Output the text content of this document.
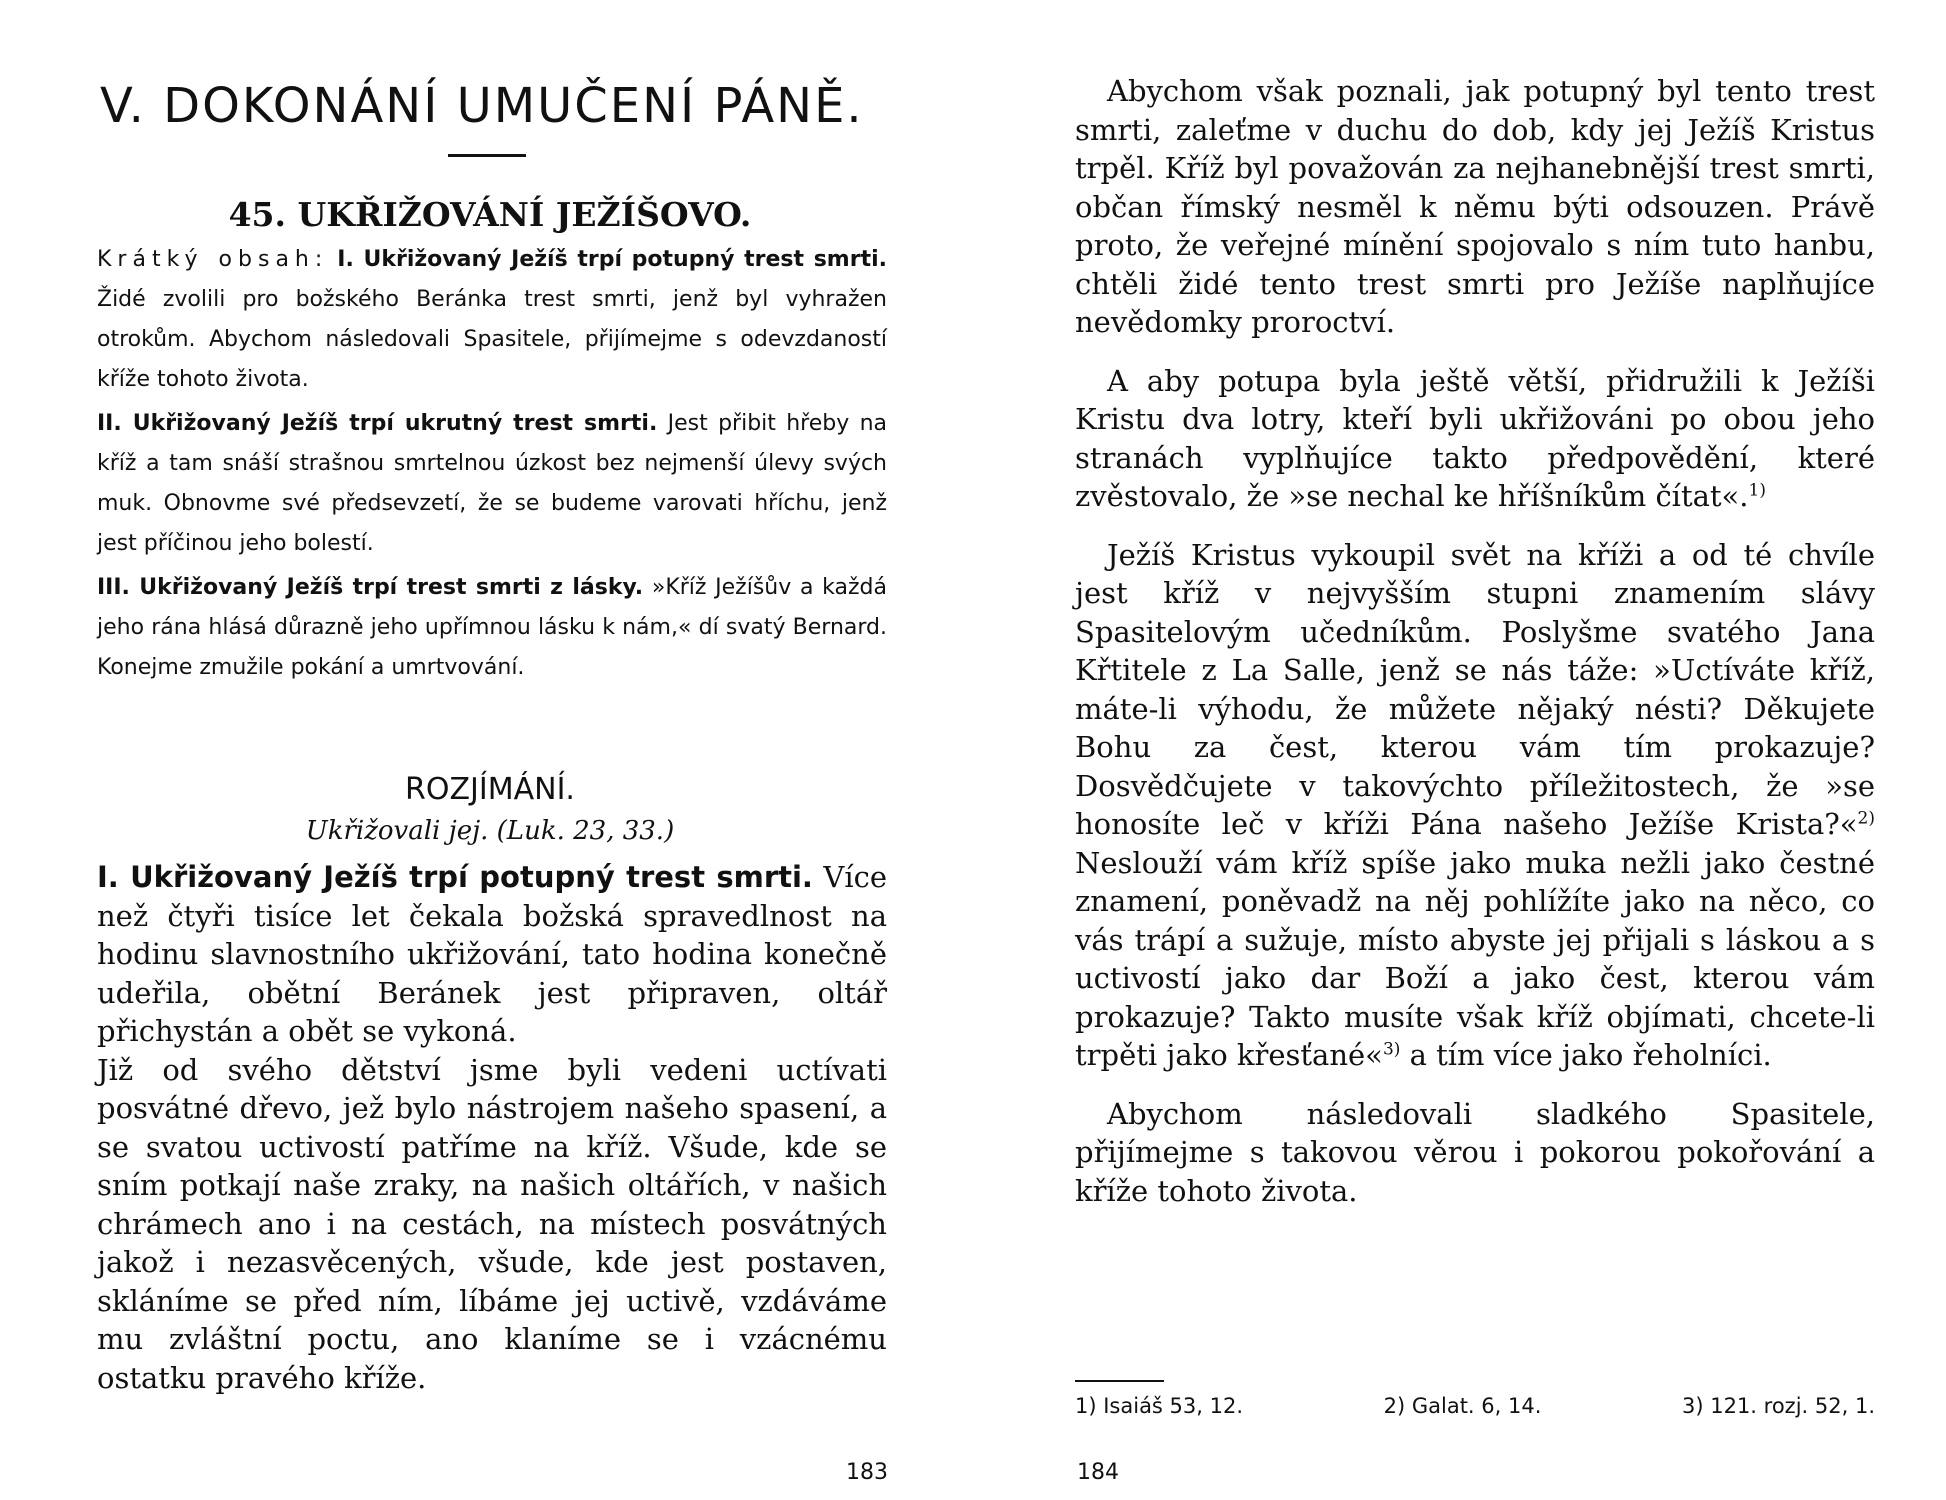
V. DOKONÁNÍ UMUČENÍ PÁNĚ.
45. UKŘIŽOVÁNÍ JEŽÍŠOVO.

Krátký obsah: I. Ukřižovaný Ježíš trpí potupný trest smrti. Židé zvolili pro božského Beránka trest smrti, jenž byl vyhražen otrokům. Abychom následovali Spasitele, přijímejme s odevzdaností kříže tohoto života.

II. Ukřižovaný Ježíš trpí ukrutný trest smrti. Jest přibit hřeby na kříž a tam snáší strašnou smrtelnou úzkost bez nejmenší úlevy svých muk. Obnovme své předsevzetí, že se budeme varovati hříchu, jenž jest příčinou jeho bolestí.

III. Ukřižovaný Ježíš trpí trest smrti z lásky. »Kříž Ježíšův a každá jeho rána hlásá důrazně jeho upřímnou lásku k nám,« dí svatý Bernard. Konejme zmužile pokání a umrtvování.

ROZJÍMÁNÍ.

Ukřižovali jej. (Luk. 23, 33.)

I. Ukřižovaný Ježíš trpí potupný trest smrti. Více než čtyři tisíce let čekala božská spravedlnost na hodinu slavnostního ukřižování, tato hodina konečně udeřila, obětní Beránek jest připraven, oltář přichystán a obět se vykoná.

Již od svého dětství jsme byli vedeni uctívati posvátné dřevo, jež bylo nástrojem našeho spasení, a se svatou uctivostí patříme na kříž. Všude, kde se sním potkají naše zraky, na našich oltářích, v našich chrámech ano i na cestách, na místech posvátných jakož i nezasvěcených, všude, kde jest postaven, skláníme se před ním, líbáme jej uctivě, vzdáváme mu zvláštní poctu, ano klaníme se i vzácnému ostatku pravého kříže.

183

Abychom však poznali, jak potupný byl tento trest smrti, zaleťme v duchu do dob, kdy jej Ježíš Kristus trpěl. Kříž byl považován za nejhanebnější trest smrti, občan římský nesměl k němu býti odsouzen. Právě proto, že veřejné mínění spojovalo s ním tuto hanbu, chtěli židé tento trest smrti pro Ježíše naplňujíce nevědomky proroctví.

A aby potupa byla ještě větší, přidružili k Ježíši Kristu dva lotry, kteří byli ukřižováni po obou jeho stranách vyplňujíce takto předpovědění, které zvěstovalo, že »se nechal ke hříšníkům čítat«.$^{1)}$

Ježíš Kristus vykoupil svět na kříži a od té chvíle jest kříž v nejvyšším stupni znamením slávy Spasitelovým učedníkům. Poslyšme svatého Jana Křtitele z La Salle, jenž se nás táže: »Uctíváte kříž, máte-li výhodu, že můžete nějaký nésti? Děkujete Bohu za čest, kterou vám tím prokazuje? Dosvědčujete v takovýchto příležitostech, že »se honosíte leč v kříži Pána našeho Ježíše Krista?«$^{2)}$ Neslouží vám kříž spíše jako muka nežli jako čestné znamení, poněvadž na něj pohlížíte jako na něco, co vás trápí a sužuje, místo abyste jej přijali s láskou a s uctivostí jako dar Boží a jako čest, kterou vám prokazuje? Takto musíte však kříž objímati, chcete-li trpěti jako křesťané«$^{3)}$ a tím více jako řeholníci.

Abychom následovali sladkého Spasitele, přijímejme s takovou věrou i pokorou pokořování a kříže tohoto života.

1) Isaiáš 53, 12.	2) Galat. 6, 14.	3) 121. rozj. 52, 1.
184
